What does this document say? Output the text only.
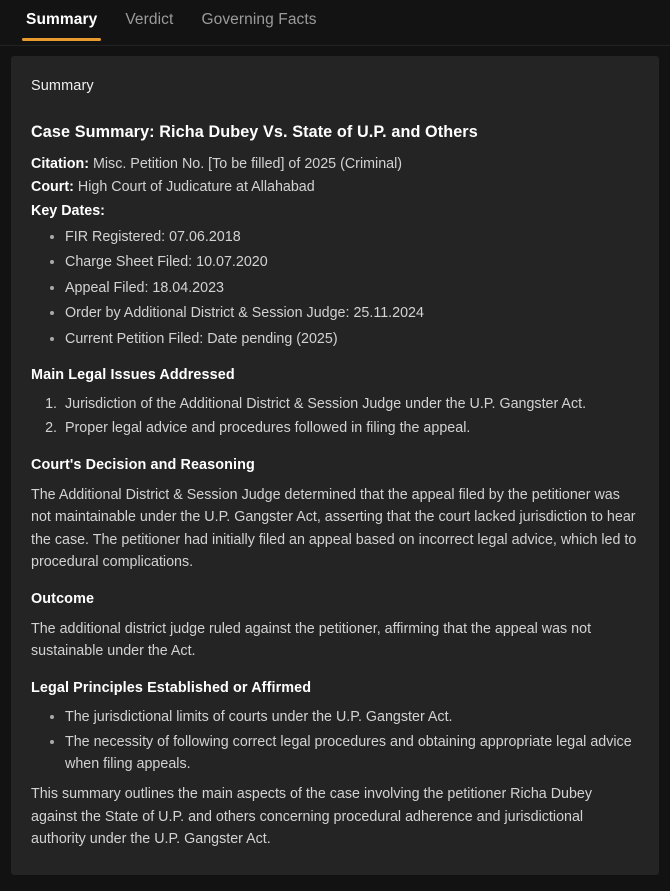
Summary	Verdict	Governing Facts
Summary
Case Summary: Richa Dubey Vs. State of U.P. and Others

Citation: Misc. Petition No. [To be filled] of 2025 (Criminal)

Court: High Court of Judicature at Allahabad

Key Dates:

FIR Registered: 07.06.2018
Charge Sheet Filed: 10.07.2020
Appeal Filed: 18.04.2023
Order by Additional District & Session Judge: 25.11.2024
Current Petition Filed: Date pending (2025)
Main Legal Issues Addressed
1. Jurisdiction of the Additional District & Session Judge under the U.P. Gangster Act.
2. Proper legal advice and procedures followed in filing the appeal.
Court's Decision and Reasoning

The Additional District & Session Judge determined that the appeal filed by the petitioner was not maintainable under the U.P. Gangster Act, asserting that the court lacked jurisdiction to hear the case. The petitioner had initially filed an appeal based on incorrect legal advice, which led to procedural complications.

Outcome

The additional district judge ruled against the petitioner, affirming that the appeal was not sustainable under the Act.

Legal Principles Established or Affirmed
The jurisdictional limits of courts under the U.P. Gangster Act.
The necessity of following correct legal procedures and obtaining appropriate legal advice when filing appeals.

This summary outlines the main aspects of the case involving the petitioner Richa Dubey against the State of U.P. and others concerning procedural adherence and jurisdictional authority under the U.P. Gangster Act.
